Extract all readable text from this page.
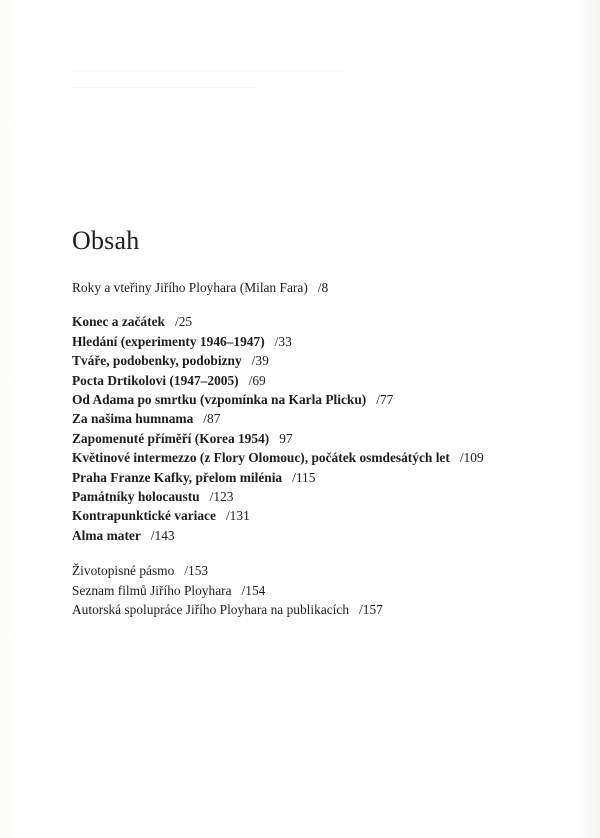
——————————————————————
———————————————
Obsah
Roky a vteřiny Jiřího Ployhara (Milan Fara) /8
Konec a začátek /25
Hledání (experimenty 1946–1947) /33
Tváře, podobenky, podobizny /39
Pocta Drtikolovi (1947–2005) /69
Od Adama po smrtku (vzpomínka na Karla Plicku) /77
Za našima humnama /87
Zapomenuté příměří (Korea 1954) 97
Květinové intermezzo (z Flory Olomouc), počátek osmdesátých let /109
Praha Franze Kafky, přelom milénia /115
Památníky holocaustu /123
Kontrapunktické variace /131
Alma mater /143
Životopisné pásmo /153
Seznam filmů Jiřího Ployhara /154
Autorská spolupráce Jiřího Ployhara na publikacích /157
